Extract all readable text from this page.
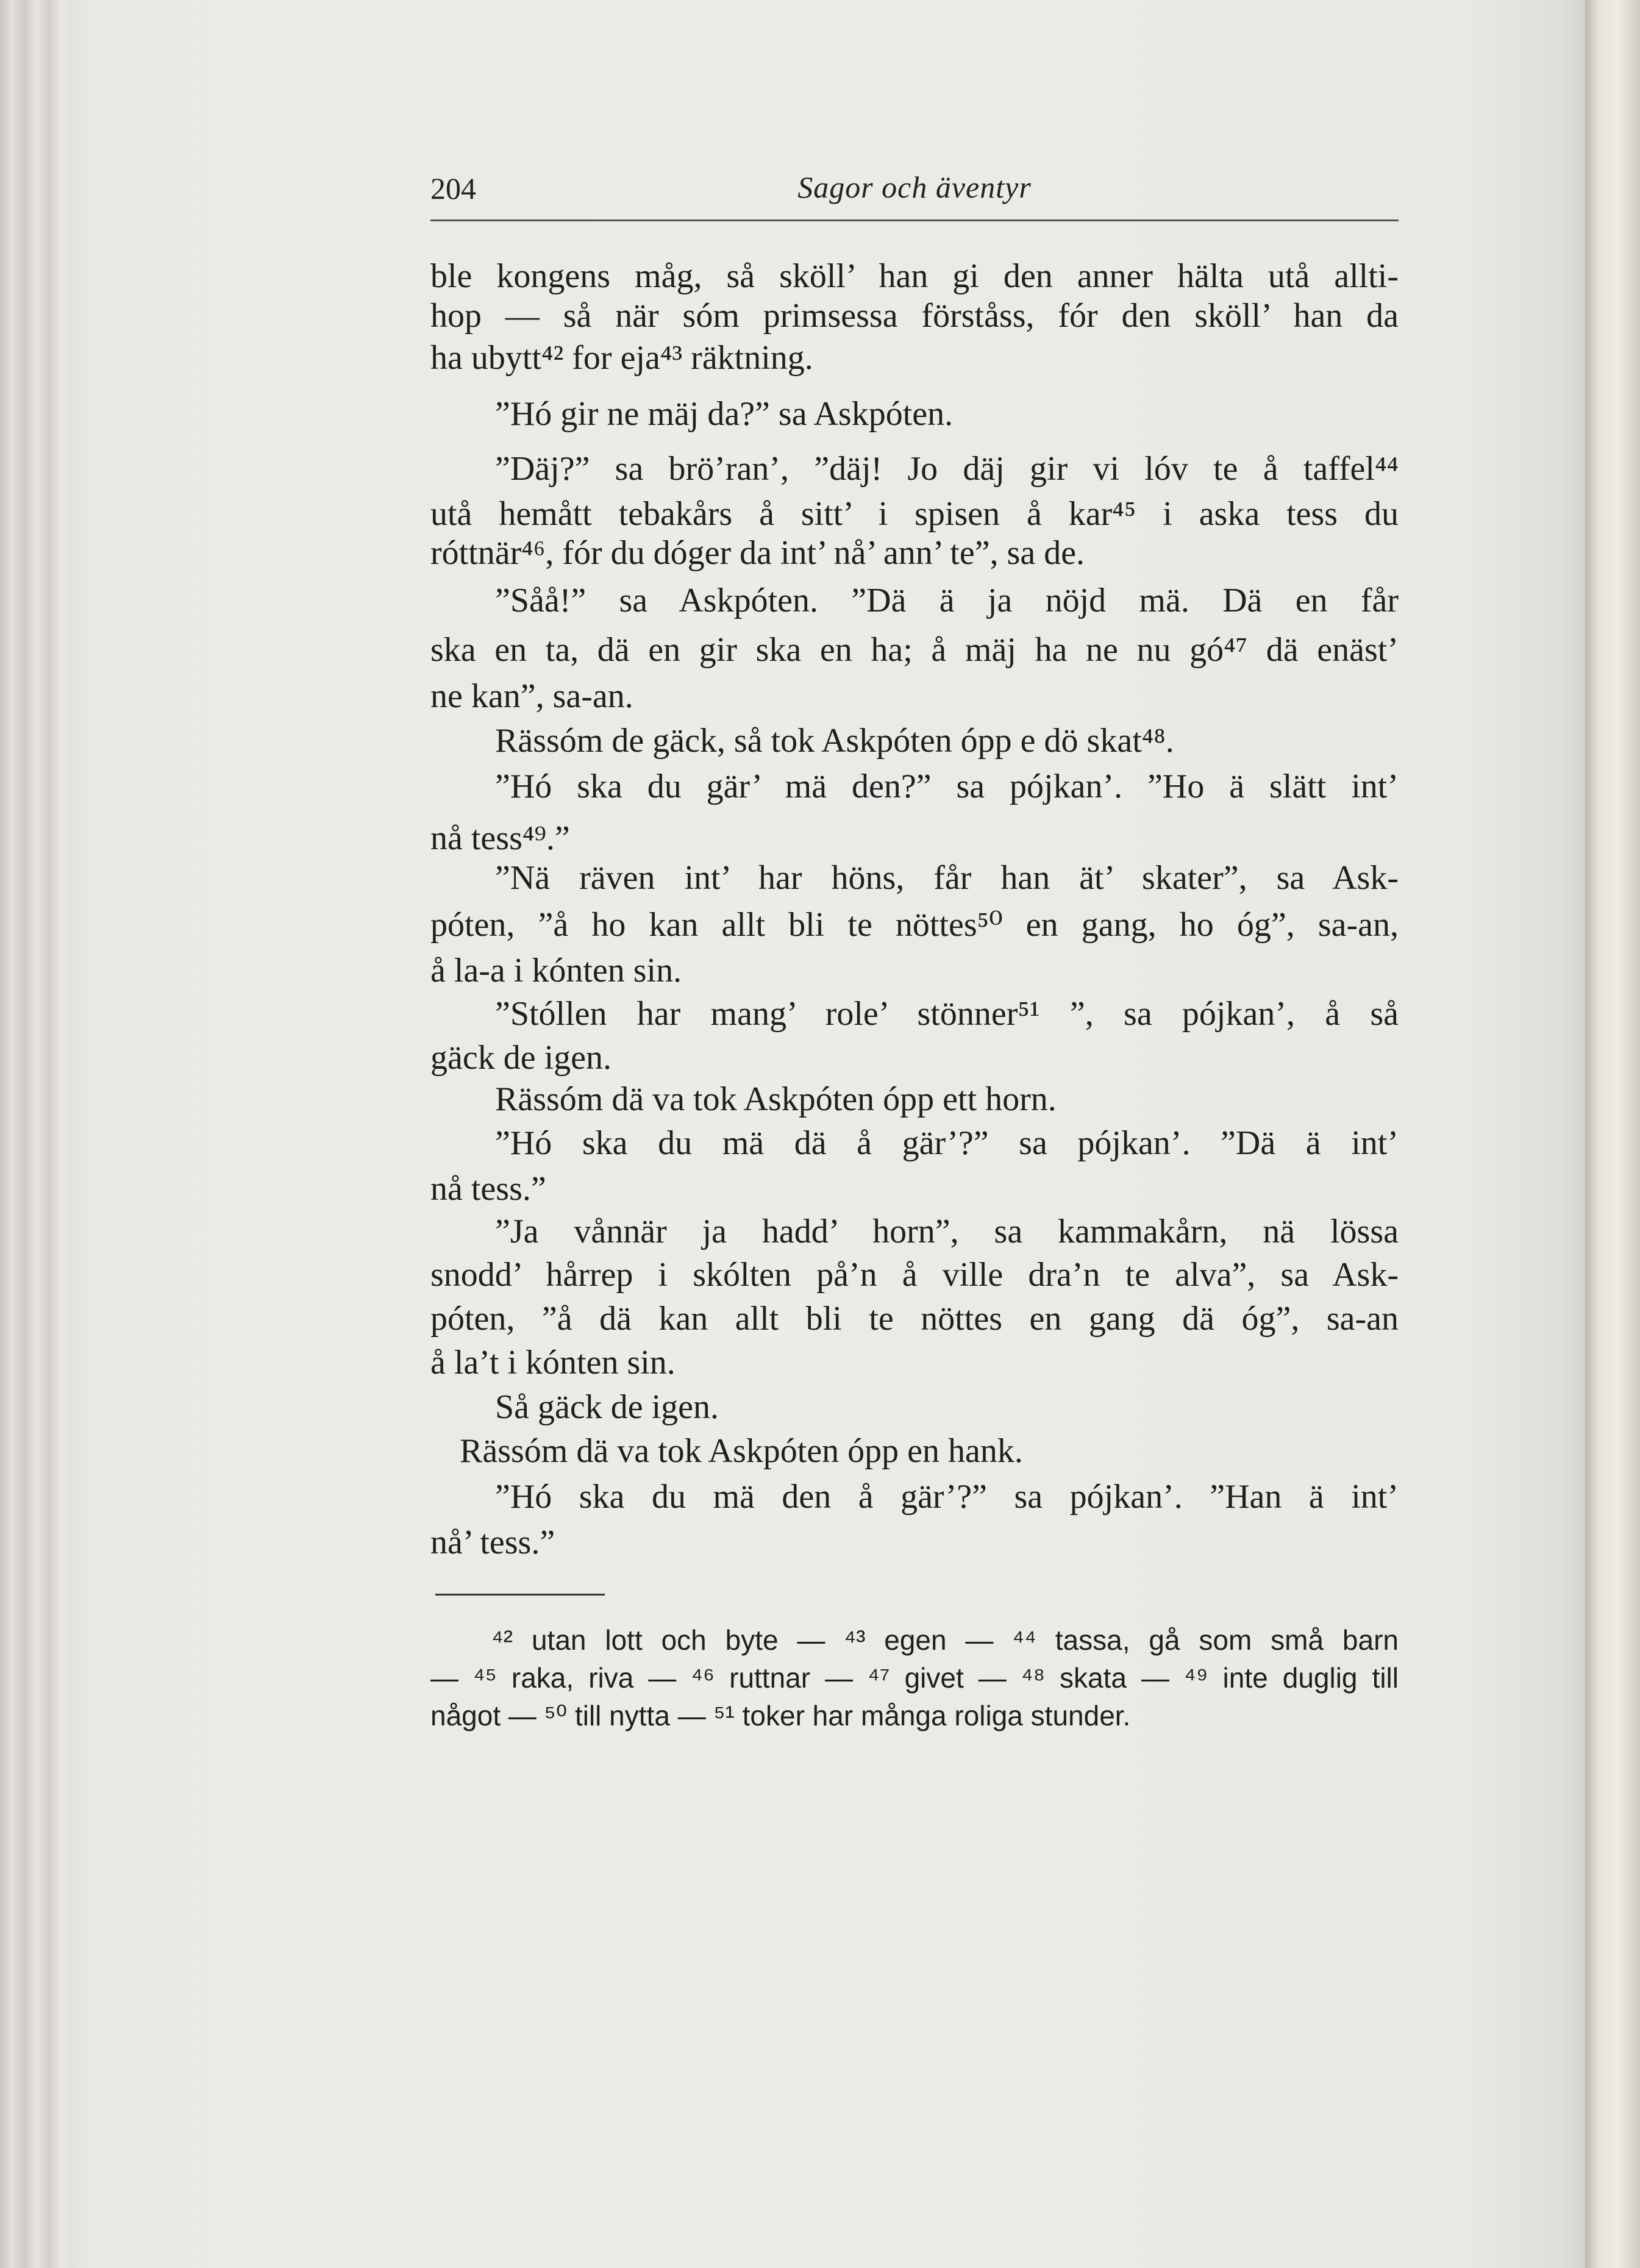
204	Sagor och äventyr
ble kongens måg, så sköll’ han gi den anner hälta utå allti-
hop — så när sóm primsessa förståss, fór den sköll’ han da
ha ubytt⁴² for eja⁴³ räktning.
”Hó gir ne mäj da?” sa Askpóten.
”Däj?” sa brö’ran’, ”däj! Jo däj gir vi lóv te å taffel⁴⁴
utå hemått tebakårs å sitt’ i spisen å kar⁴⁵ i aska tess du
róttnär⁴⁶, fór du dóger da int’ nå’ ann’ te”, sa de.
”Såå!” sa Askpóten. ”Dä ä ja nöjd mä. Dä en får
ska en ta, dä en gir ska en ha; å mäj ha ne nu gó⁴⁷ dä enäst’
ne kan”, sa-an.
Rässóm de gäck, så tok Askpóten ópp e dö skat⁴⁸.
”Hó ska du gär’ mä den?” sa pójkan’. ”Ho ä slätt int’
nå tess⁴⁹.”
”Nä räven int’ har höns, får han ät’ skater”, sa Ask-
póten, ”å ho kan allt bli te nöttes⁵⁰ en gang, ho óg”, sa-an,
å la-a i kónten sin.
”Stóllen har mang’ role’ stönner⁵¹ ”, sa pójkan’, å så
gäck de igen.
Rässóm dä va tok Askpóten ópp ett horn.
”Hó ska du mä dä å gär’?” sa pójkan’. ”Dä ä int’
nå tess.”
”Ja vånnär ja hadd’ horn”, sa kammakårn, nä lössa
snodd’ hårrep i skólten på’n å ville dra’n te alva”, sa Ask-
póten, ”å dä kan allt bli te nöttes en gang dä óg”, sa-an
å la’t i kónten sin.
Så gäck de igen.
Rässóm dä va tok Askpóten ópp en hank.
”Hó ska du mä den å gär’?” sa pójkan’. ”Han ä int’
nå’ tess.”
⁴² utan lott och byte — ⁴³ egen — ⁴⁴ tassa, gå som små barn
— ⁴⁵ raka, riva — ⁴⁶ ruttnar — ⁴⁷ givet — ⁴⁸ skata — ⁴⁹ inte duglig till
något — ⁵⁰ till nytta — ⁵¹ toker har många roliga stunder.
